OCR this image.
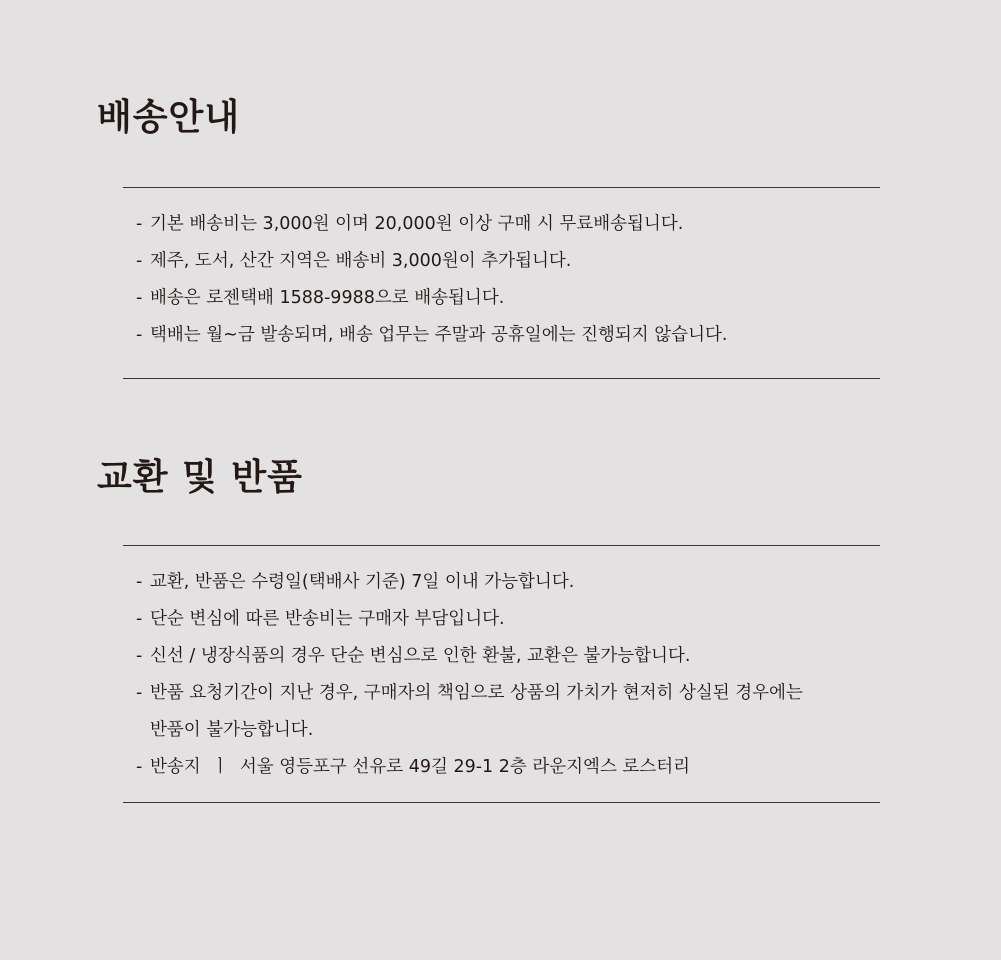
배송안내
- 기본 배송비는 3,000원 이며 20,000원 이상 구매 시 무료배송됩니다.
- 제주, 도서, 산간 지역은 배송비 3,000원이 추가됩니다.
- 배송은 로젠택배 1588-9988으로 배송됩니다.
- 택배는 월~금 발송되며, 배송 업무는 주말과 공휴일에는 진행되지 않습니다.
교환 및 반품
- 교환, 반품은 수령일(택배사 기준) 7일 이내 가능합니다.
- 단순 변심에 따른 반송비는 구매자 부담입니다.
- 신선 / 냉장식품의 경우 단순 변심으로 인한 환불, 교환은 불가능합니다.
- 반품 요청기간이 지난 경우, 구매자의 책임으로 상품의 가치가 현저히 상실된 경우에는
반품이 불가능합니다.
- 반송지  ㅣ  서울 영등포구 선유로 49길 29-1 2층 라운지엑스 로스터리
